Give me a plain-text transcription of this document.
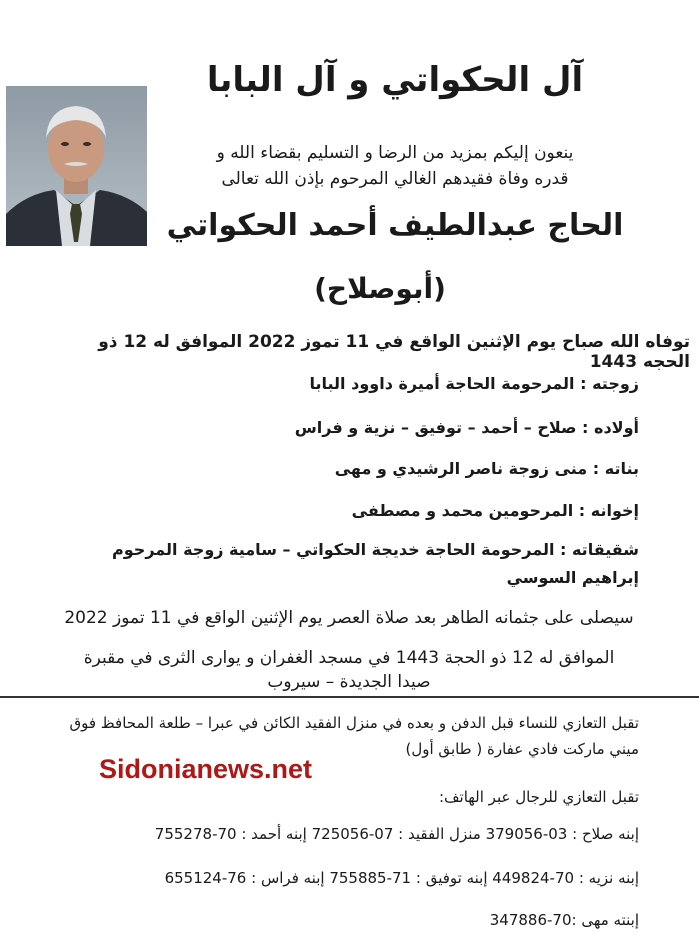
آل الحكواتي و آل البابا
ينعون إليكم بمزيد من الرضا و التسليم بقضاء الله و
قدره وفاة فقيدهم الغالي المرحوم بإذن الله تعالى
الحاج عبدالطيف أحمد الحكواتي
(أبوصلاح)
توفاه الله صباح يوم الإثنين الواقع في 11 تموز 2022 الموافق له 12 ذو الحجه 1443
زوجته : المرحومة الحاجة أميرة داوود البابا
أولاده : صلاح – أحمد – توفيق – نزية و فراس
بناته : منى زوجة ناصر الرشيدي و مهى
إخوانه : المرحومين محمد و مصطفى
شقيقاته : المرحومة الحاجة خديجة الحكواتي – سامية زوجة المرحوم إبراهيم السوسي
سيصلى على جثمانه الطاهر بعد صلاة العصر يوم الإثنين الواقع في 11 تموز 2022
الموافق له 12 ذو الحجة 1443 في مسجد الغفران و يوارى الثرى في مقبرة صيدا الجديدة – سيروب
تقبل التعازي للنساء قبل الدفن و بعده في منزل الفقيد الكائن في عبرا – طلعة المحافظ فوق ميني ماركت فادي عفارة ( طابق أول)
تقبل التعازي للرجال عبر الهاتف:
إبنه صلاح : 03-379056 منزل الفقيد : 07-725056 إبنه أحمد : 70-755278
إبنه نزيه : 70-449824 إبنه توفيق : 71-755885 إبنه فراس : 76-655124
إبنته مهى :70-347886
Sidonianews.net
